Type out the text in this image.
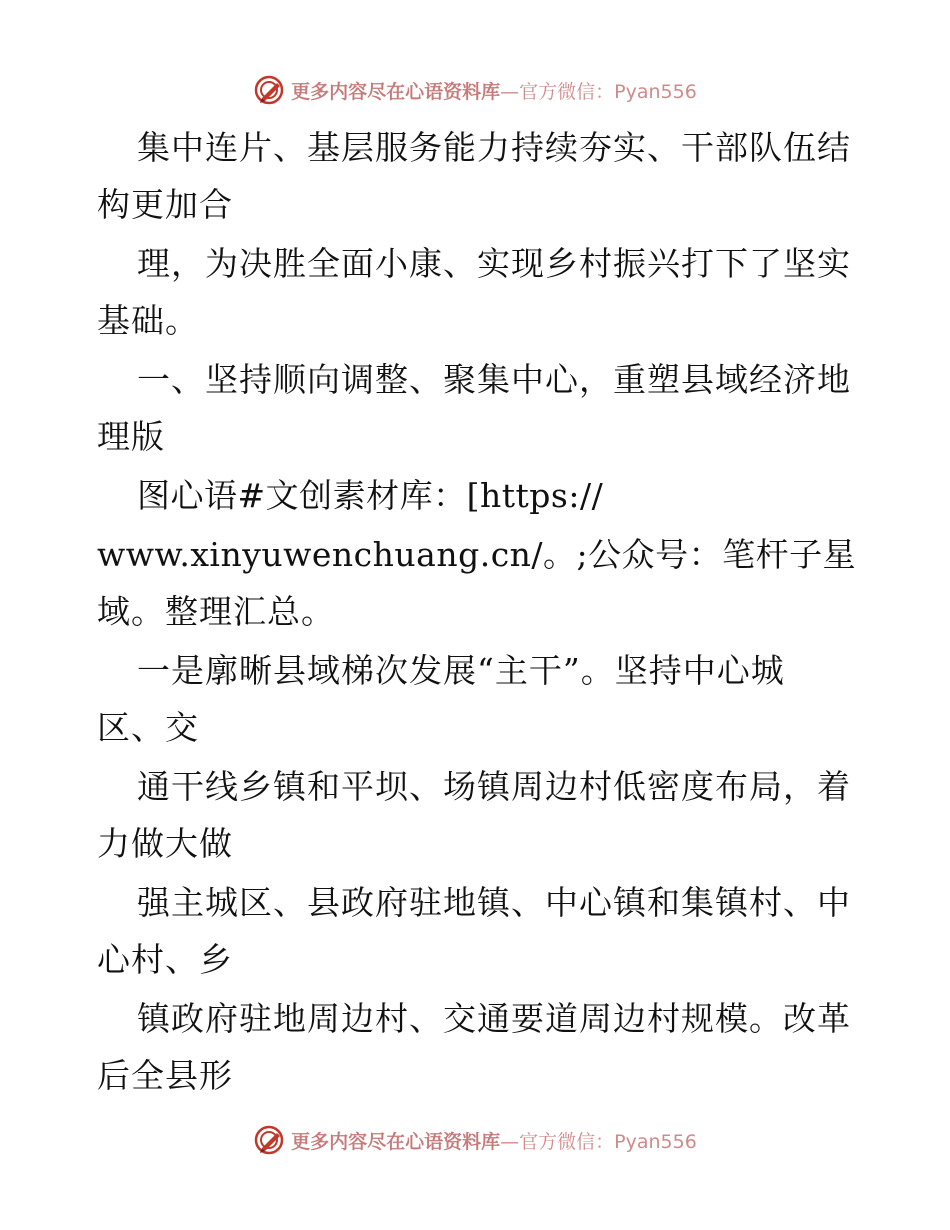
更多内容尽在心语资料库—官方微信：Pyan556
集中连片、基层服务能力持续夯实、干部队伍结
构更加合
理，为决胜全面小康、实现乡村振兴打下了坚实
基础。
一、坚持顺向调整、聚集中心，重塑县域经济地
理版
图心语#文创素材库：[https://
www.xinyuwenchuang.cn/。;公众号：笔杆子星
域。整理汇总。
一是廓晰县域梯次发展“主干”。坚持中心城
区、交
通干线乡镇和平坝、场镇周边村低密度布局，着
力做大做
强主城区、县政府驻地镇、中心镇和集镇村、中
心村、乡
镇政府驻地周边村、交通要道周边村规模。改革
后全县形
更多内容尽在心语资料库—官方微信：Pyan556
